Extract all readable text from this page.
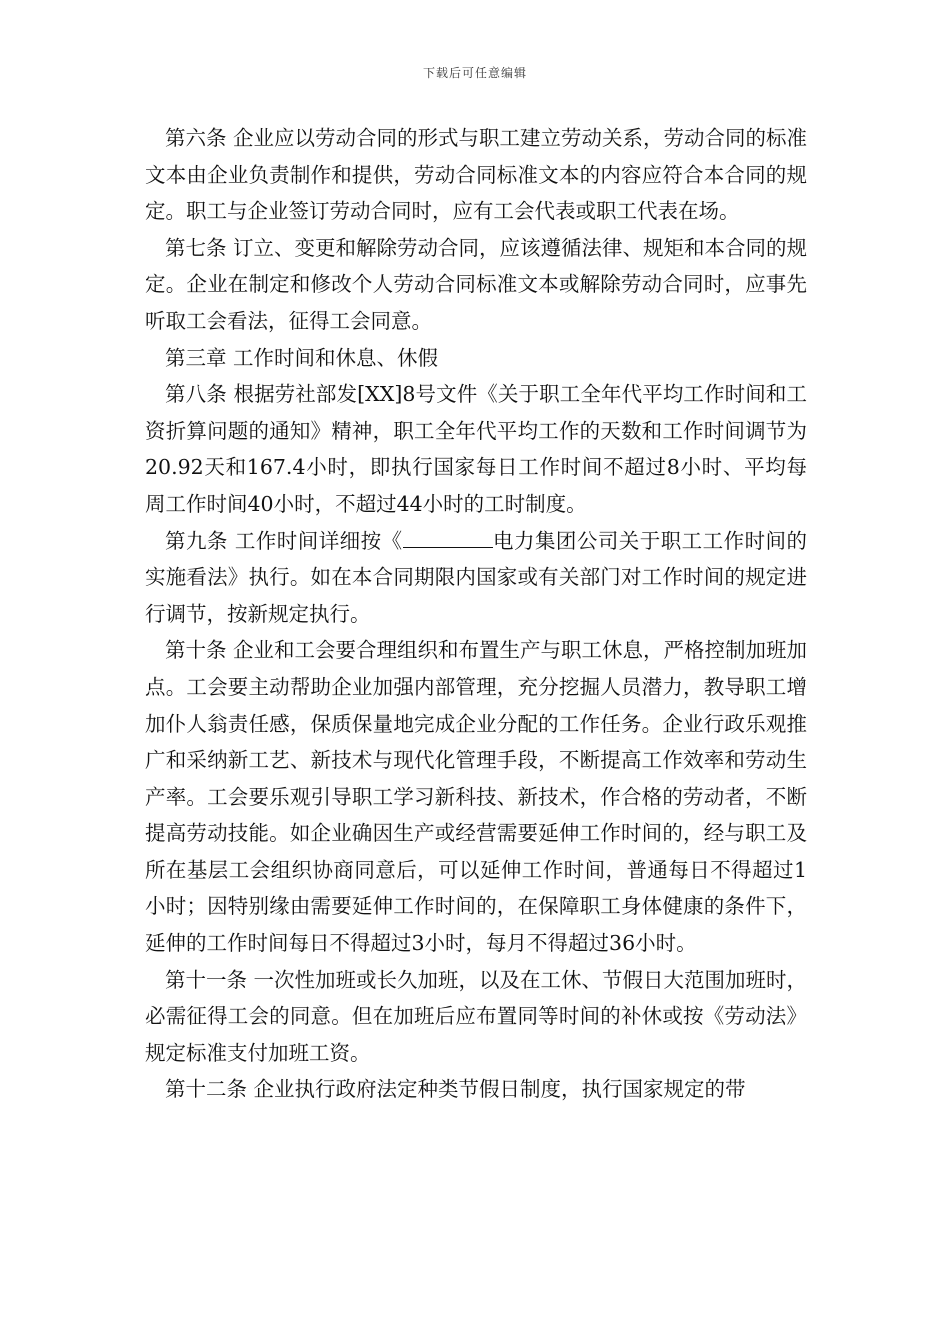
下载后可任意编辑

第六条 企业应以劳动合同的形式与职工建立劳动关系，劳动合同的标准文本由企业负责制作和提供，劳动合同标准文本的内容应符合本合同的规定。职工与企业签订劳动合同时，应有工会代表或职工代表在场。

第七条 订立、变更和解除劳动合同，应该遵循法律、规矩和本合同的规定。企业在制定和修改个人劳动合同标准文本或解除劳动合同时，应事先听取工会看法，征得工会同意。

第三章 工作时间和休息、休假

第八条 根据劳社部发[XX]8号文件《关于职工全年代平均工作时间和工资折算问题的通知》精神，职工全年代平均工作的天数和工作时间调节为20.92天和167.4小时，即执行国家每日工作时间不超过8小时、平均每周工作时间40小时，不超过44小时的工时制度。

第九条 工作时间详细按《	电力集团公司关于职工工作时间的实施看法》执行。如在本合同期限内国家或有关部门对工作时间的规定进行调节，按新规定执行。

第十条 企业和工会要合理组织和布置生产与职工休息，严格控制加班加点。工会要主动帮助企业加强内部管理，充分挖掘人员潜力，教导职工增加仆人翁责任感，保质保量地完成企业分配的工作任务。企业行政乐观推广和采纳新工艺、新技术与现代化管理手段，不断提高工作效率和劳动生产率。工会要乐观引导职工学习新科技、新技术，作合格的劳动者，不断提高劳动技能。如企业确因生产或经营需要延伸工作时间的，经与职工及所在基层工会组织协商同意后，可以延伸工作时间，普通每日不得超过1小时；因特别缘由需要延伸工作时间的，在保障职工身体健康的条件下，延伸的工作时间每日不得超过3小时，每月不得超过36小时。

第十一条 一次性加班或长久加班，以及在工休、节假日大范围加班时，必需征得工会的同意。但在加班后应布置同等时间的补休或按《劳动法》规定标准支付加班工资。

第十二条 企业执行政府法定种类节假日制度，执行国家规定的带
